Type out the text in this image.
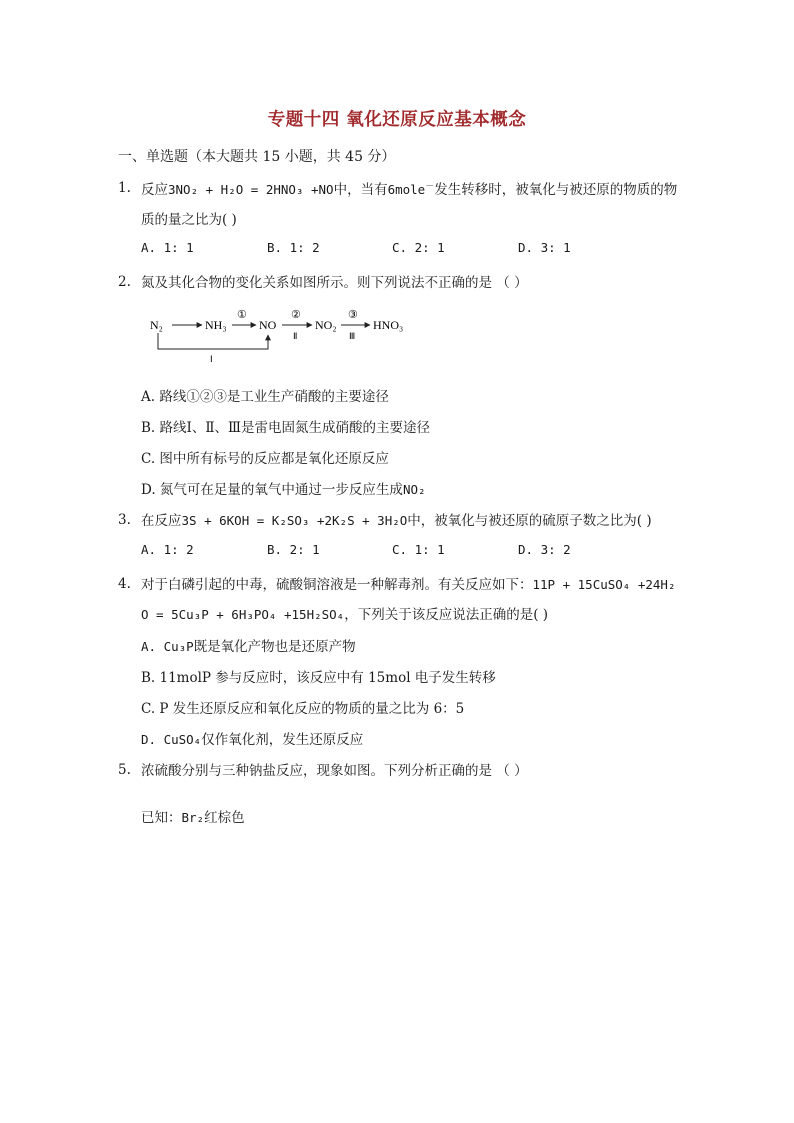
专题十四 氧化还原反应基本概念
一、单选题（本大题共 15 小题，共 45 分）
1. 反应3NO₂ + H₂O = 2HNO₃ +NO中，当有6mole－发生转移时，被氧化与被还原的物质的物
质的量之比为( )
A. 1: 1	B. 1: 2	C. 2: 1	D. 3: 1
2. 氮及其化合物的变化关系如图所示。则下列说法不正确的是 （ ）
N₂	NH₃
①
NO
②
Ⅱ
NO₂
③
Ⅲ
HNO₃
Ⅰ
A. 路线①②③是工业生产硝酸的主要途径
B. 路线Ⅰ、Ⅱ、Ⅲ是雷电固氮生成硝酸的主要途径
C. 图中所有标号的反应都是氧化还原反应
D. 氮气可在足量的氧气中通过一步反应生成NO₂
3. 在反应3S + 6KOH = K₂SO₃ +2K₂S + 3H₂O中，被氧化与被还原的硫原子数之比为( )
A. 1: 2	B. 2: 1	C. 1: 1	D. 3: 2
4. 对于白磷引起的中毒，硫酸铜溶液是一种解毒剂。有关反应如下：11P + 15CuSO₄ +24H₂
O = 5Cu₃P + 6H₃PO₄ +15H₂SO₄，下列关于该反应说法正确的是( )
A. Cu₃P既是氧化产物也是还原产物
B. 11molP 参与反应时，该反应中有 15mol 电子发生转移
C. P 发生还原反应和氧化反应的物质的量之比为 6：5
D. CuSO₄仅作氧化剂，发生还原反应
5. 浓硫酸分别与三种钠盐反应，现象如图。下列分析正确的是 （ ）
已知：Br₂红棕色
